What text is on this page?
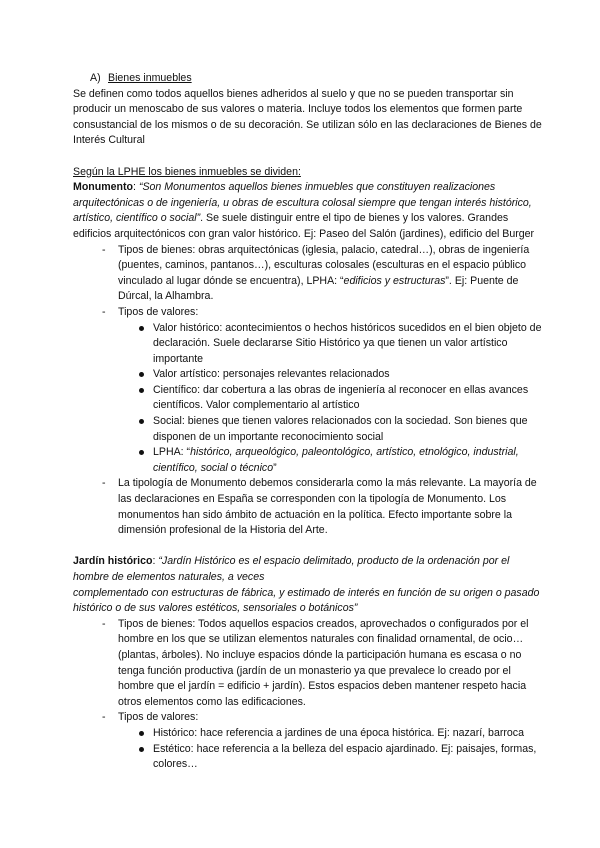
A) Bienes inmuebles

Se definen como todos aquellos bienes adheridos al suelo y que no se pueden transportar sin producir un menoscabo de sus valores o materia. Incluye todos los elementos que formen parte consustancial de los mismos o de su decoración. Se utilizan sólo en las declaraciones de Bienes de Interés Cultural

Según la LPHE los bienes inmuebles se dividen:

Monumento: “Son Monumentos aquellos bienes inmuebles que constituyen realizaciones arquitectónicas o de ingeniería, u obras de escultura colosal siempre que tengan interés histórico, artístico, científico o social”. Se suele distinguir entre el tipo de bienes y los valores. Grandes edificios arquitectónicos con gran valor histórico. Ej: Paseo del Salón (jardines), edificio del Burger

- Tipos de bienes: obras arquitectónicas (iglesia, palacio, catedral…), obras de ingeniería (puentes, caminos, pantanos…), esculturas colosales (esculturas en el espacio público vinculado al lugar dónde se encuentra), LPHA: “edificios y estructuras”. Ej: Puente de Dúrcal, la Alhambra.
- Tipos de valores:
Valor histórico: acontecimientos o hechos históricos sucedidos en el bien objeto de declaración. Suele declararse Sitio Histórico ya que tienen un valor artístico importante
Valor artístico: personajes relevantes relacionados
Científico: dar cobertura a las obras de ingeniería al reconocer en ellas avances científicos. Valor complementario al artístico
Social: bienes que tienen valores relacionados con la sociedad. Son bienes que disponen de un importante reconocimiento social
LPHA: “histórico, arqueológico, paleontológico, artístico, etnológico, industrial, científico, social o técnico”
- La tipología de Monumento debemos considerarla como la más relevante. La mayoría de las declaraciones en España se corresponden con la tipología de Monumento. Los monumentos han sido ámbito de actuación en la política. Efecto importante sobre la dimensión profesional de la Historia del Arte.

Jardín histórico: “Jardín Histórico es el espacio delimitado, producto de la ordenación por el hombre de elementos naturales, a veces

complementado con estructuras de fábrica, y estimado de interés en función de su origen o pasado histórico o de sus valores estéticos, sensoriales o botánicos”

- Tipos de bienes: Todos aquellos espacios creados, aprovechados o configurados por el hombre en los que se utilizan elementos naturales con finalidad ornamental, de ocio… (plantas, árboles). No incluye espacios dónde la participación humana es escasa o no tenga función productiva (jardín de un monasterio ya que prevalece lo creado por el hombre que el jardín = edificio + jardín). Estos espacios deben mantener respeto hacia otros elementos como las edificaciones.
- Tipos de valores:
Histórico: hace referencia a jardines de una época histórica. Ej: nazarí, barroca
Estético: hace referencia a la belleza del espacio ajardinado. Ej: paisajes, formas, colores…
